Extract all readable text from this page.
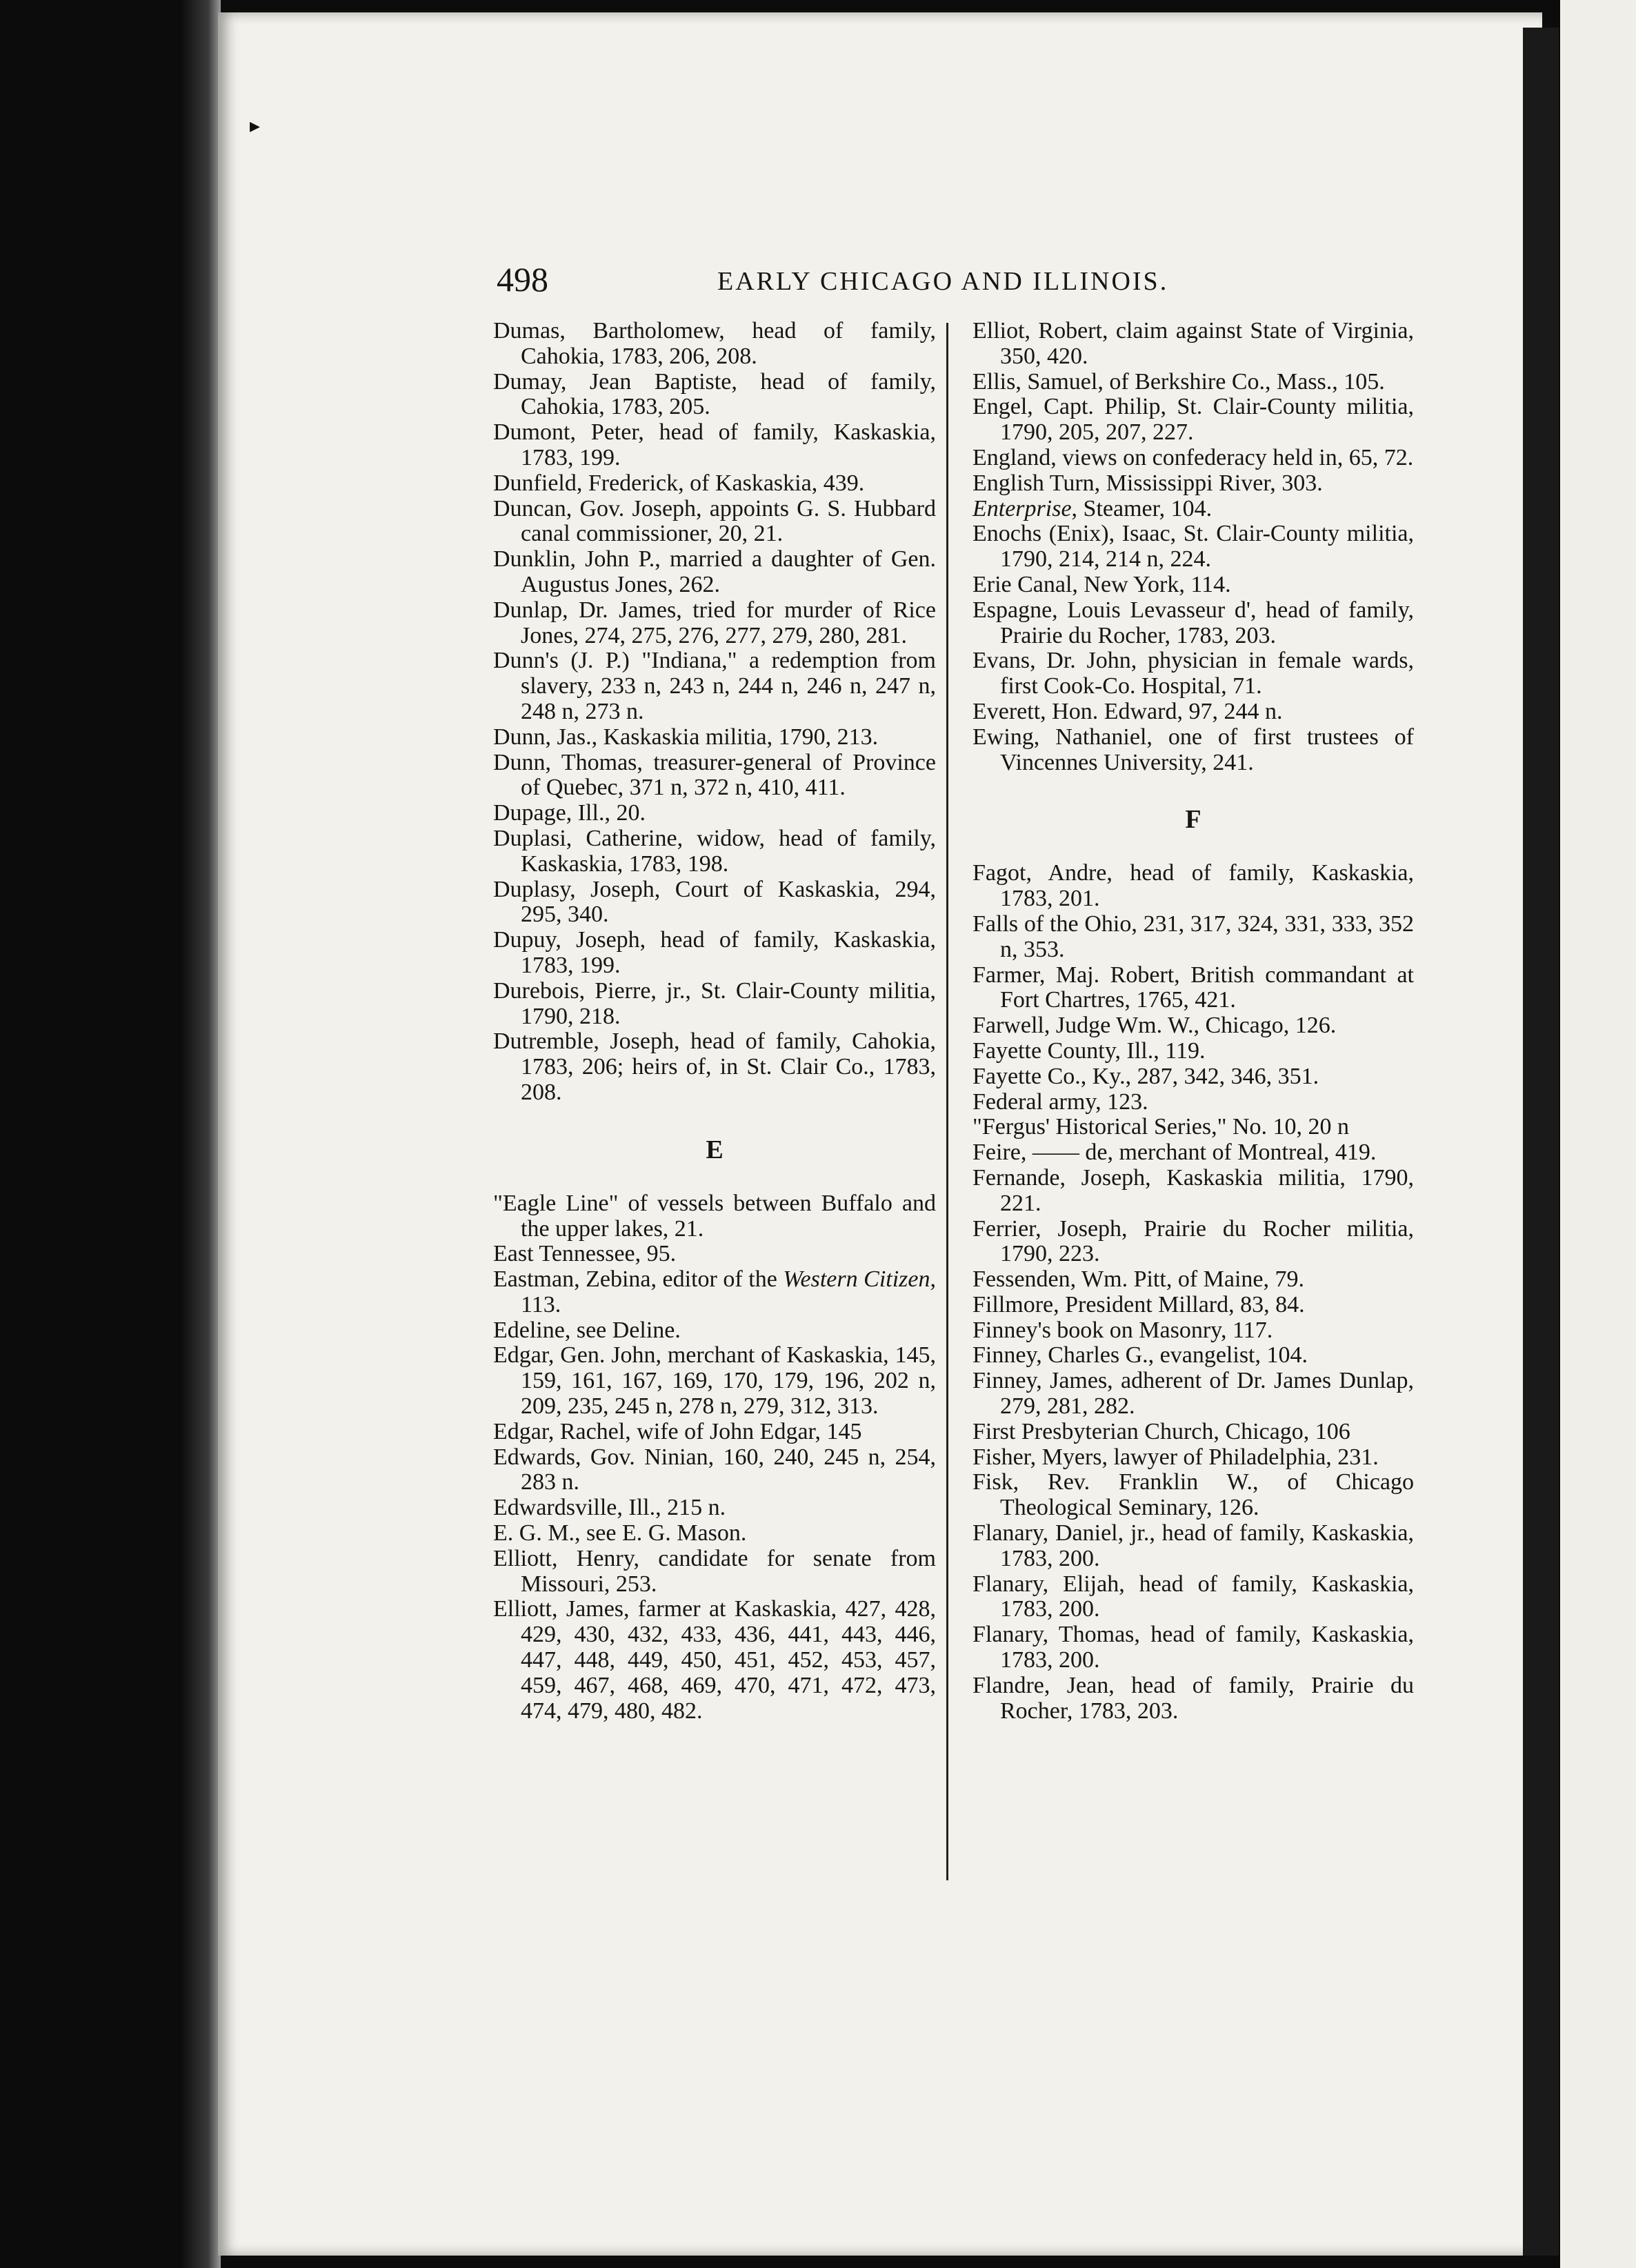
▸
498	EARLY CHICAGO AND ILLINOIS.

Dumas, Bartholomew, head of family, Cahokia, 1783, 206, 208.

Dumay, Jean Baptiste, head of family, Cahokia, 1783, 205.

Dumont, Peter, head of family, Kaskaskia, 1783, 199.

Dunfield, Frederick, of Kaskaskia, 439.

Duncan, Gov. Joseph, appoints G. S. Hubbard canal commissioner, 20, 21.

Dunklin, John P., married a daughter of Gen. Augustus Jones, 262.

Dunlap, Dr. James, tried for murder of Rice Jones, 274, 275, 276, 277, 279, 280, 281.

Dunn's (J. P.) "Indiana," a redemption from slavery, 233 n, 243 n, 244 n, 246 n, 247 n, 248 n, 273 n.

Dunn, Jas., Kaskaskia militia, 1790, 213.

Dunn, Thomas, treasurer-general of Province of Quebec, 371 n, 372 n, 410, 411.

Dupage, Ill., 20.

Duplasi, Catherine, widow, head of family, Kaskaskia, 1783, 198.

Duplasy, Joseph, Court of Kaskaskia, 294, 295, 340.

Dupuy, Joseph, head of family, Kaskaskia, 1783, 199.

Durebois, Pierre, jr., St. Clair-County militia, 1790, 218.

Dutremble, Joseph, head of family, Cahokia, 1783, 206; heirs of, in St. Clair Co., 1783, 208.

E

"Eagle Line" of vessels between Buffalo and the upper lakes, 21.

East Tennessee, 95.

Eastman, Zebina, editor of the Western Citizen, 113.

Edeline, see Deline.

Edgar, Gen. John, merchant of Kaskaskia, 145, 159, 161, 167, 169, 170, 179, 196, 202 n, 209, 235, 245 n, 278 n, 279, 312, 313.

Edgar, Rachel, wife of John Edgar, 145

Edwards, Gov. Ninian, 160, 240, 245 n, 254, 283 n.

Edwardsville, Ill., 215 n.

E. G. M., see E. G. Mason.

Elliott, Henry, candidate for senate from Missouri, 253.

Elliott, James, farmer at Kaskaskia, 427, 428, 429, 430, 432, 433, 436, 441, 443, 446, 447, 448, 449, 450, 451, 452, 453, 457, 459, 467, 468, 469, 470, 471, 472, 473, 474, 479, 480, 482.

Elliot, Robert, claim against State of Virginia, 350, 420.

Ellis, Samuel, of Berkshire Co., Mass., 105.

Engel, Capt. Philip, St. Clair-County militia, 1790, 205, 207, 227.

England, views on confederacy held in, 65, 72.

English Turn, Mississippi River, 303.

Enterprise, Steamer, 104.

Enochs (Enix), Isaac, St. Clair-County militia, 1790, 214, 214 n, 224.

Erie Canal, New York, 114.

Espagne, Louis Levasseur d', head of family, Prairie du Rocher, 1783, 203.

Evans, Dr. John, physician in female wards, first Cook-Co. Hospital, 71.

Everett, Hon. Edward, 97, 244 n.

Ewing, Nathaniel, one of first trustees of Vincennes University, 241.

F

Fagot, Andre, head of family, Kaskaskia, 1783, 201.

Falls of the Ohio, 231, 317, 324, 331, 333, 352 n, 353.

Farmer, Maj. Robert, British commandant at Fort Chartres, 1765, 421.

Farwell, Judge Wm. W., Chicago, 126.

Fayette County, Ill., 119.

Fayette Co., Ky., 287, 342, 346, 351.

Federal army, 123.

"Fergus' Historical Series," No. 10, 20 n

Feire, —— de, merchant of Montreal, 419.

Fernande, Joseph, Kaskaskia militia, 1790, 221.

Ferrier, Joseph, Prairie du Rocher militia, 1790, 223.

Fessenden, Wm. Pitt, of Maine, 79.

Fillmore, President Millard, 83, 84.

Finney's book on Masonry, 117.

Finney, Charles G., evangelist, 104.

Finney, James, adherent of Dr. James Dunlap, 279, 281, 282.

First Presbyterian Church, Chicago, 106

Fisher, Myers, lawyer of Philadelphia, 231.

Fisk, Rev. Franklin W., of Chicago Theological Seminary, 126.

Flanary, Daniel, jr., head of family, Kaskaskia, 1783, 200.

Flanary, Elijah, head of family, Kaskaskia, 1783, 200.

Flanary, Thomas, head of family, Kaskaskia, 1783, 200.

Flandre, Jean, head of family, Prairie du Rocher, 1783, 203.
